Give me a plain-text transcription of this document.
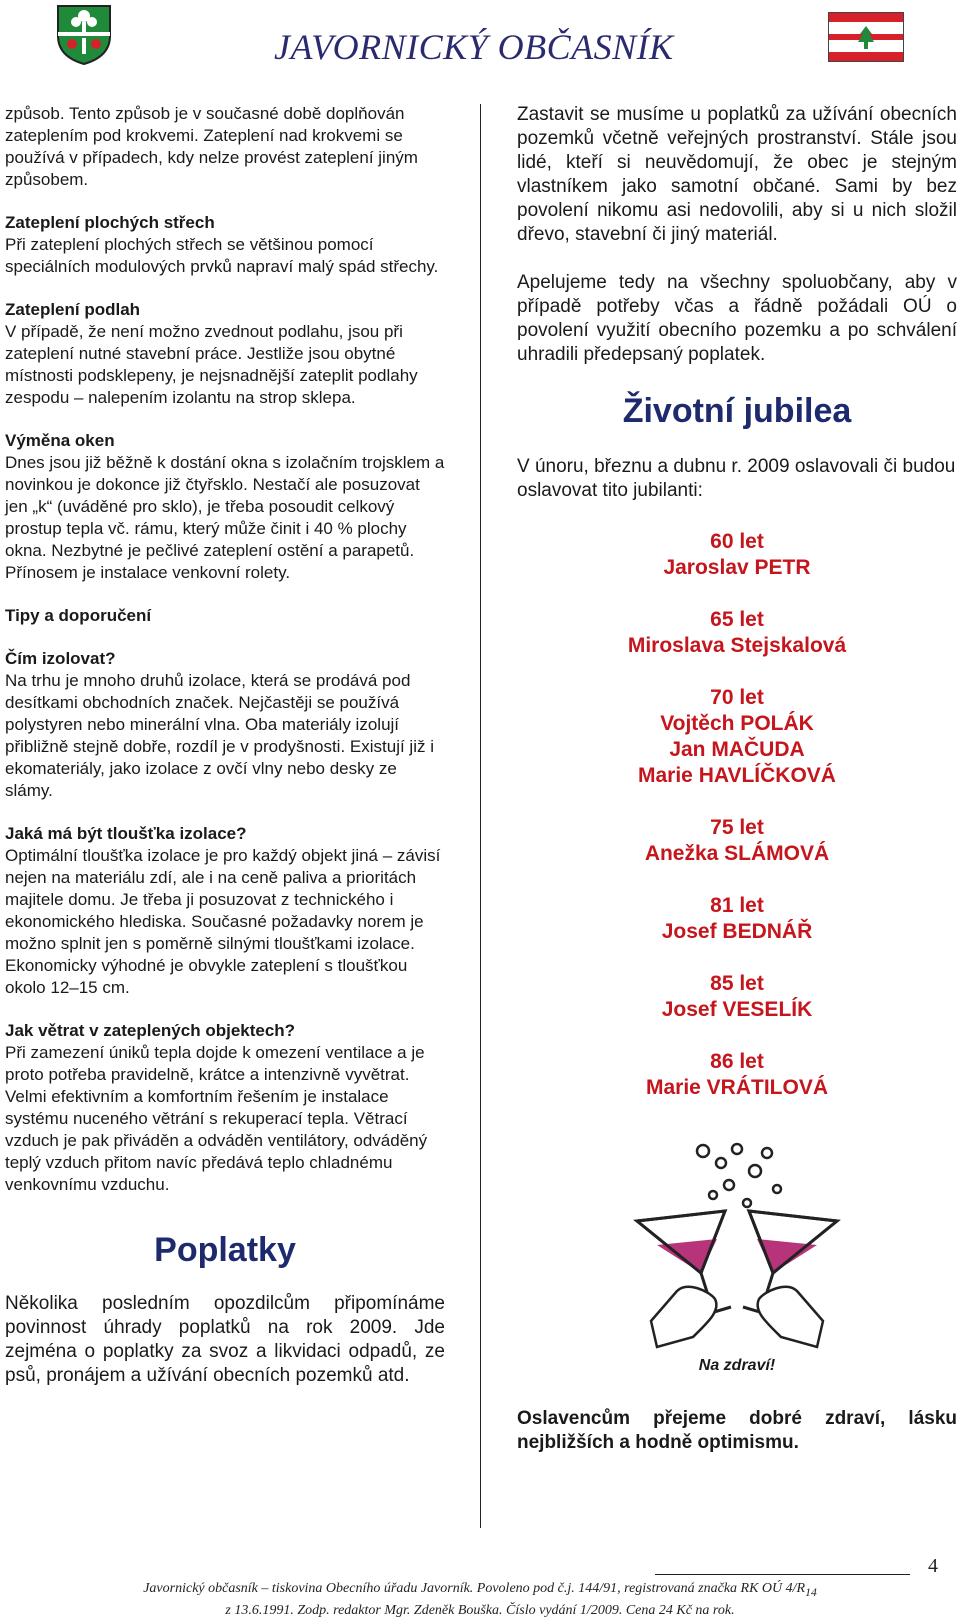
JAVORNICKÝ OBČASNÍK

způsob. Tento způsob je v současné době doplňován zateplením pod krokvemi. Zateplení nad krokvemi se používá v případech, kdy nelze provést zateplení jiným způsobem.

Zateplení plochých střech

Při zateplení plochých střech se většinou pomocí speciálních modulových prvků napraví malý spád střechy.

Zateplení podlah

V případě, že není možno zvednout podlahu, jsou při zateplení nutné stavební práce. Jestliže jsou obytné místnosti podsklepeny, je nejsnadnější zateplit podlahy zespodu – nalepením izolantu na strop sklepa.

Výměna oken

Dnes jsou již běžně k dostání okna s izolačním trojsklem a novinkou je dokonce již čtyřsklo. Nestačí ale posuzovat jen „k“ (uváděné pro sklo), je třeba posoudit celkový prostup tepla vč. rámu, který může činit i 40 % plochy okna. Nezbytné je pečlivé zateplení ostění a parapetů. Přínosem je instalace venkovní rolety.

Tipy a doporučení

Čím izolovat?

Na trhu je mnoho druhů izolace, která se prodává pod desítkami obchodních značek. Nejčastěji se používá polystyren nebo minerální vlna. Oba materiály izolují přibližně stejně dobře, rozdíl je v prodyšnosti. Existují již i ekomateriály, jako izolace z ovčí vlny nebo desky ze slámy.

Jaká má být tloušťka izolace?

Optimální tloušťka izolace je pro každý objekt jiná – závisí nejen na materiálu zdí, ale i na ceně paliva a prioritách majitele domu. Je třeba ji posuzovat z technického i ekonomického hlediska. Současné požadavky norem je možno splnit jen s poměrně silnými tloušťkami izolace. Ekonomicky výhodné je obvykle zateplení s tloušťkou okolo 12–15 cm.

Jak větrat v zateplených objektech?

Při zamezení úniků tepla dojde k omezení ventilace a je proto potřeba pravidelně, krátce a intenzivně vyvětrat. Velmi efektivním a komfortním řešením je instalace systému nuceného větrání s rekuperací tepla. Větrací vzduch je pak přiváděn a odváděn ventilátory, odváděný teplý vzduch přitom navíc předává teplo chladnému venkovnímu vzduchu.

Poplatky

Několika posledním opozdilcům připomínáme povinnost úhrady poplatků na rok 2009. Jde zejména o poplatky za svoz a likvidaci odpadů, ze psů, pronájem a užívání obecních pozemků atd.

Zastavit se musíme u poplatků za užívání obecních pozemků včetně veřejných prostranství. Stále jsou lidé, kteří si neuvědomují, že obec je stejným vlastníkem jako samotní občané. Sami by bez povolení nikomu asi nedovolili, aby si u nich složil dřevo, stavební či jiný materiál.

Apelujeme tedy na všechny spoluobčany, aby v případě potřeby včas a řádně požádali OÚ o povolení využití obecního pozemku a po schválení uhradili předepsaný poplatek.

Životní jubilea

V únoru, březnu a dubnu r. 2009 oslavovali či budou oslavovat tito jubilanti:

60 let
Jaroslav PETR
65 let
Miroslava Stejskalová
70 let
Vojtěch POLÁK
Jan MAČUDA
Marie HAVLÍČKOVÁ
75 let
Anežka SLÁMOVÁ
81 let
Josef BEDNÁŘ
85 let
Josef VESELÍK
86 let
Marie VRÁTILOVÁ

Na zdraví!

Oslavencům přejeme dobré zdraví, lásku nejbližších a hodně optimismu.

4
Javornický občasník – tiskovina Obecního úřadu Javorník. Povoleno pod č.j. 144/91, registrovaná značka RK OÚ $4/R_{14}$
z 13.6.1991. Zodp. redaktor Mgr. Zdeněk Bouška. Číslo vydání 1/2009. Cena 24 Kč na rok.
